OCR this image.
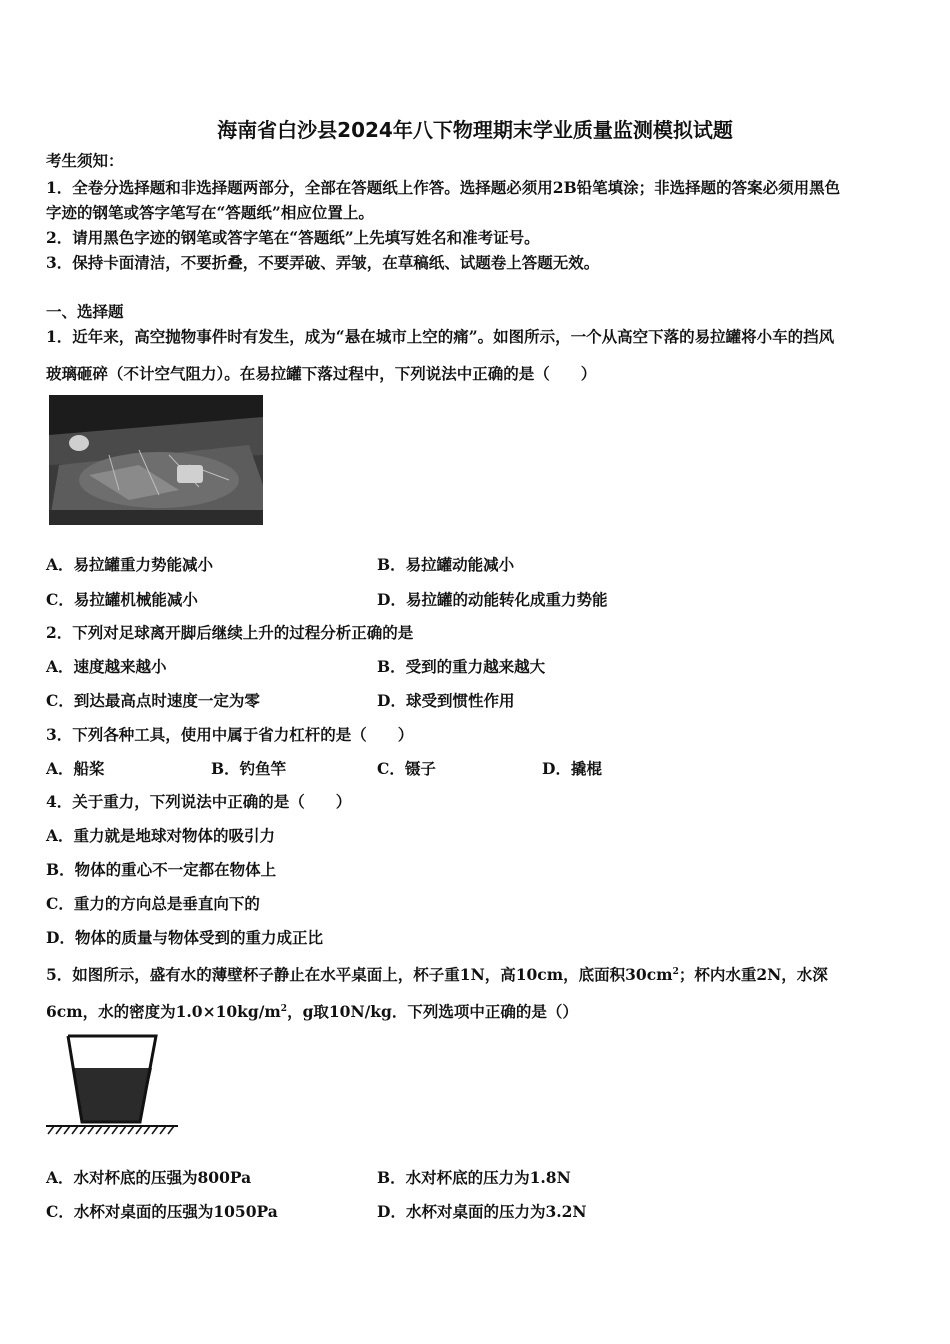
海南省白沙县2024年八下物理期末学业质量监测模拟试题
考生须知：
1．全卷分选择题和非选择题两部分，全部在答题纸上作答。选择题必须用2B铅笔填涂；非选择题的答案必须用黑色
字迹的钢笔或答字笔写在“答题纸”相应位置上。
2．请用黑色字迹的钢笔或答字笔在“答题纸”上先填写姓名和准考证号。
3．保持卡面清洁，不要折叠，不要弄破、弄皱，在草稿纸、试题卷上答题无效。
一、选择题
1．近年来，高空抛物事件时有发生，成为“悬在城市上空的痛”。如图所示，一个从高空下落的易拉罐将小车的挡风
玻璃砸碎（不计空气阻力）。在易拉罐下落过程中，下列说法中正确的是（　　）
A．易拉罐重力势能减小	B．易拉罐动能减小
C．易拉罐机械能减小	D．易拉罐的动能转化成重力势能
2．下列对足球离开脚后继续上升的过程分析正确的是
A．速度越来越小	B．受到的重力越来越大
C．到达最高点时速度一定为零	D．球受到惯性作用
3．下列各种工具，使用中属于省力杠杆的是（　　）
A．船桨	B．钓鱼竿	C．镊子	D．撬棍
4．关于重力，下列说法中正确的是（　　）
A．重力就是地球对物体的吸引力
B．物体的重心不一定都在物体上
C．重力的方向总是垂直向下的
D．物体的质量与物体受到的重力成正比
5．如图所示，盛有水的薄壁杯子静止在水平桌面上，杯子重1N，高10cm，底面积$30cm^2$；杯内水重2N，水深
6cm，水的密度为$1.0\times 10kg/m^2$，g取10N/kg．下列选项中正确的是（）
A．水对杯底的压强为800Pa	B．水对杯底的压力为1.8N
C．水杯对桌面的压强为1050Pa	D．水杯对桌面的压力为3.2N
